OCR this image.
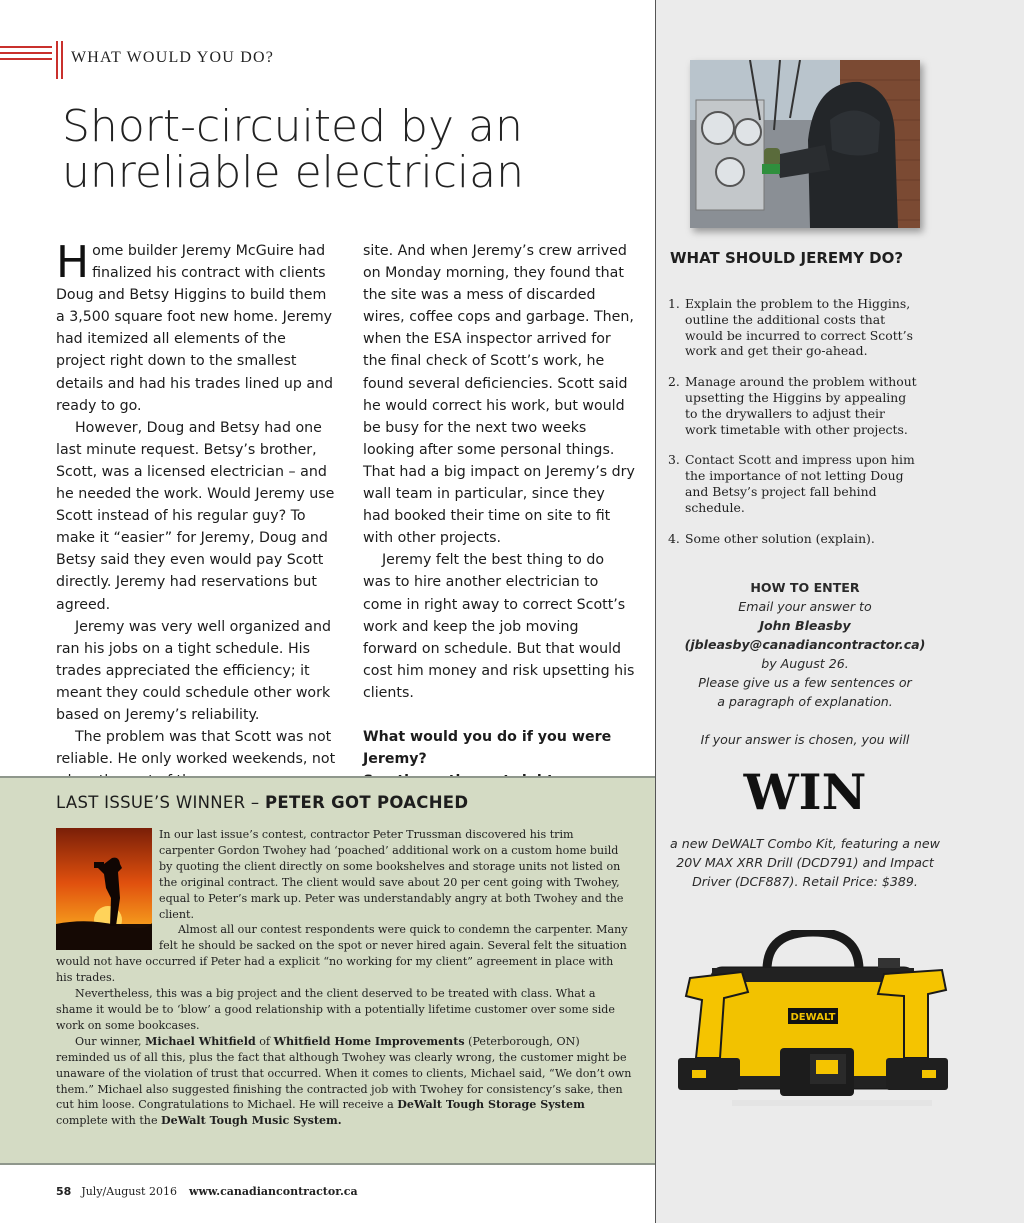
WHAT WOULD YOU DO?
Short-circuited by an
unreliable electrician

Home builder Jeremy McGuire had finalized his contract with clients Doug and Betsy Higgins to build them a 3,500 square foot new home. Jeremy had itemized all elements of the project right down to the smallest details and had his trades lined up and ready to go.

However, Doug and Betsy had one last minute request. Betsy’s brother, Scott, was a licensed electrician – and he needed the work. Would Jeremy use Scott instead of his regular guy? To make it “easier” for Jeremy, Doug and Betsy said they even would pay Scott directly. Jeremy had reservations but agreed.

Jeremy was very well organized and ran his jobs on a tight schedule. His trades appreciated the efficiency; it meant they could schedule other work based on Jeremy’s reliability.

The problem was that Scott was not reliable. He only worked weekends, not

site. And when Jeremy’s crew arrived on Monday morning, they found that the site was a mess of discarded wires, coffee cops and garbage. Then, when the ESA inspector arrived for the final check of Scott’s work, he found several deficiencies. Scott said he would correct his work, but would be busy for the next two weeks looking after some personal things. That had a big impact on Jeremy’s dry wall team in particular, since they had booked their time on site to fit with other projects.

Jeremy felt the best thing to do was to hire another electrician to come in right away to correct Scott’s work and keep the job moving forward on schedule. But that would cost him money and risk upsetting his clients.

What would you do if you were Jeremy?

WHAT SHOULD JEREMY DO?
1. Explain the problem to the Higgins, outline the additional costs that would be incurred to correct Scott’s work and get their go-ahead.
2. Manage around the problem without upsetting the Higgins by appealing to the drywallers to adjust their work timetable with other projects.
3. Contact Scott and impress upon him the importance of not letting Doug and Betsy’s project fall behind schedule.
4. Some other solution (explain).
HOW TO ENTER
Email your answer to
John Bleasby
(jbleasby@canadiancontractor.ca)
by August 26.
Please give us a few sentences or
a paragraph of explanation.
If your answer is chosen, you will
WIN
a new DeWALT Combo Kit, featuring a new
20V MAX XRR Drill (DCD791) and Impact
Driver (DCF887). Retail Price: $389.
DEWALT
LAST ISSUE’S WINNER – PETER GOT POACHED

In our last issue’s contest, contractor Peter Trussman discovered his trim carpenter Gordon Twohey had ‘poached’ additional work on a custom home build by quoting the client directly on some bookshelves and storage units not listed on the original contract. The client would save about 20 per cent going with Twohey, equal to Peter’s mark up. Peter was understandably angry at both Twohey and the client.

Almost all our contest respondents were quick to condemn the carpenter. Many felt he should be sacked on the spot or never hired again. Several felt the situation would not have occurred if Peter had a explicit “no working for my client” agreement in place with his trades.

Nevertheless, this was a big project and the client deserved to be treated with class. What a shame it would be to ‘blow’ a good relationship with a potentially lifetime customer over some side work on some bookcases.

Our winner, Michael Whitfield of Whitfield Home Improvements (Peterborough, ON) reminded us of all this, plus the fact that although Twohey was clearly wrong, the customer might be unaware of the violation of trust that occurred. When it comes to clients, Michael said, “We don’t own them.” Michael also suggested finishing the contracted job with Twohey for consistency’s sake, then cut him loose. Congratulations to Michael. He will receive a DeWalt Tough Storage System complete with the DeWalt Tough Music System.

58 July/August 2016 www.canadiancontractor.ca
